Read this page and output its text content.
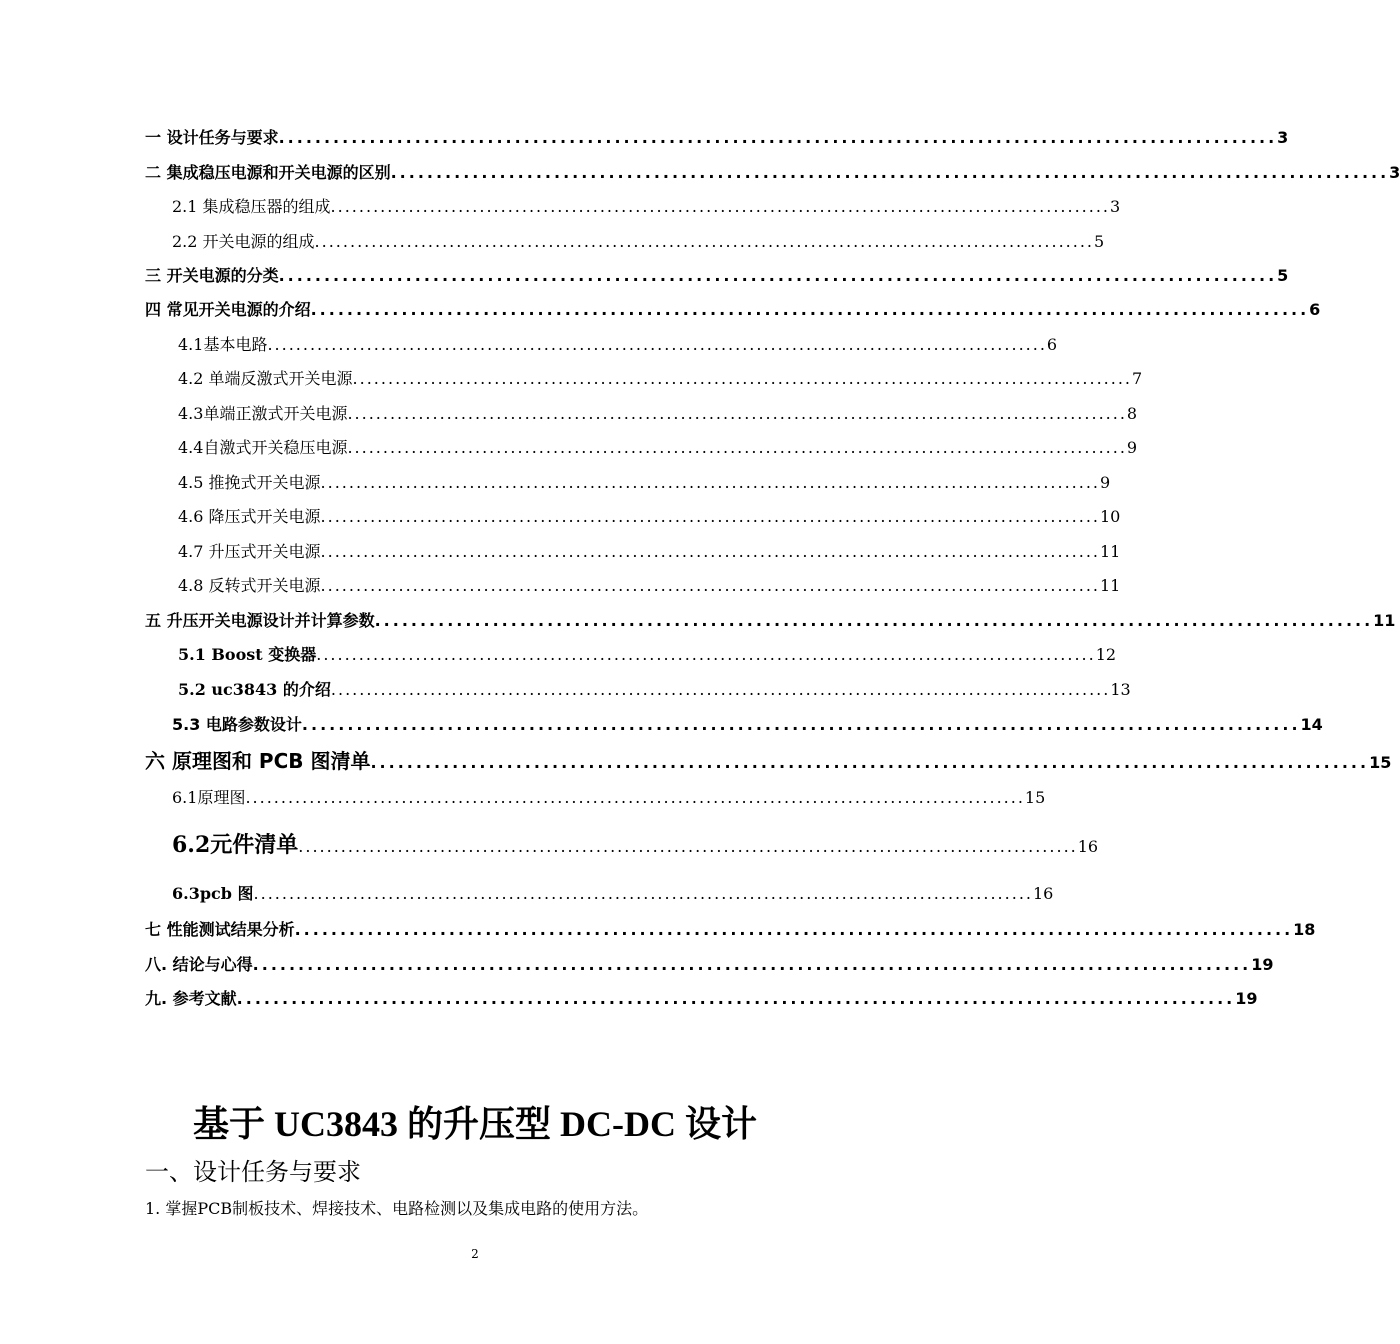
一 设计任务与要求 .............................................................................................................. 3
二 集成稳压电源和开关电源的区别 .............................................................................................................. 3
2.1 集成稳压器的组成 .............................................................................................................. 3
2.2 开关电源的组成 .............................................................................................................. 5
三 开关电源的分类 .............................................................................................................. 5
四 常见开关电源的介绍 .............................................................................................................. 6
4.1基本电路 .............................................................................................................. 6
4.2 单端反激式开关电源 .............................................................................................................. 7
4.3单端正激式开关电源 .............................................................................................................. 8
4.4自激式开关稳压电源 .............................................................................................................. 9
4.5 推挽式开关电源 .............................................................................................................. 9
4.6 降压式开关电源 .............................................................................................................. 10
4.7 升压式开关电源 .............................................................................................................. 11
4.8 反转式开关电源 .............................................................................................................. 11
五 升压开关电源设计并计算参数 .............................................................................................................. 11
5.1 Boost 变换器 .............................................................................................................. 12
5.2 uc3843 的介绍 .............................................................................................................. 13
5.3 电路参数设计 .............................................................................................................. 14
六 原理图和 PCB 图清单 .............................................................................................................. 15
6.1原理图 .............................................................................................................. 15
6.2元件清单 .............................................................................................................. 16
6.3pcb 图 .............................................................................................................. 16
七 性能测试结果分析 .............................................................................................................. 18
八. 结论与心得 .............................................................................................................. 19
九. 参考文献 .............................................................................................................. 19
基于 UC3843 的升压型 DC-DC 设计
一、设计任务与要求
1. 掌握PCB制板技术、焊接技术、电路检测以及集成电路的使用方法。
2
